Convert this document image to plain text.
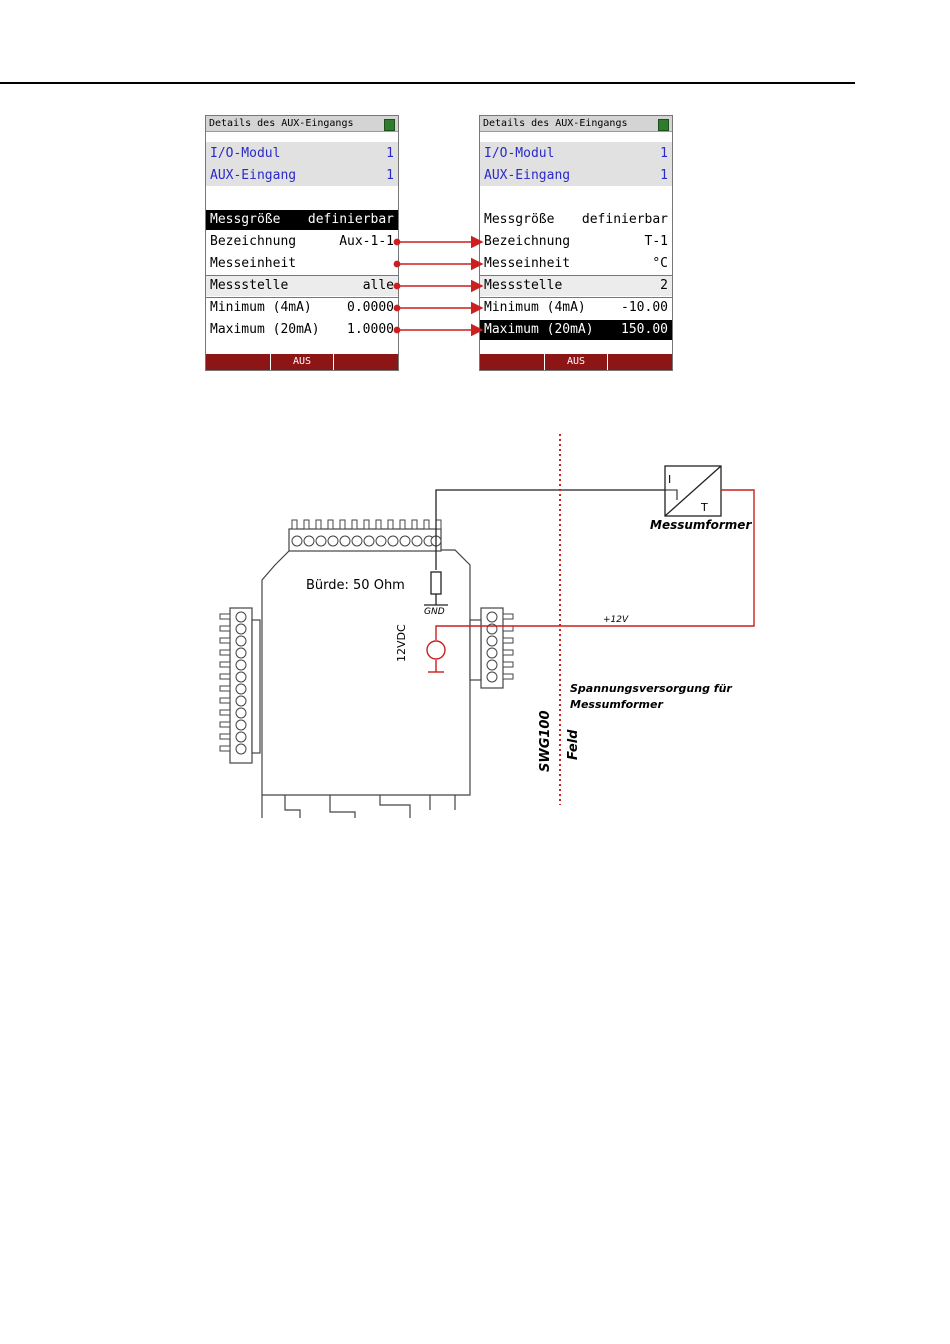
Details des AUX-Eingangs
I/O-Modul	1
AUX-Eingang	1
Messgröße definierbar
Bezeichnung	Aux-1-1
Messeinheit
Messstelle	alle
Minimum (4mA)	0.0000
Maximum (20mA) 1.0000
AUS
Details des AUX-Eingangs
I/O-Modul	1
AUX-Eingang	1
Messgröße definierbar
Bezeichnung	T-1
Messeinheit	°C
Messstelle	2
Minimum (4mA)	-10.00
Maximum (20mA) 150.00
AUS
Bürde: 50 Ohm
GND
12VDC
+12V
Messumformer
I
T
Spannungsversorgung für
Messumformer
SWG100 Feld
